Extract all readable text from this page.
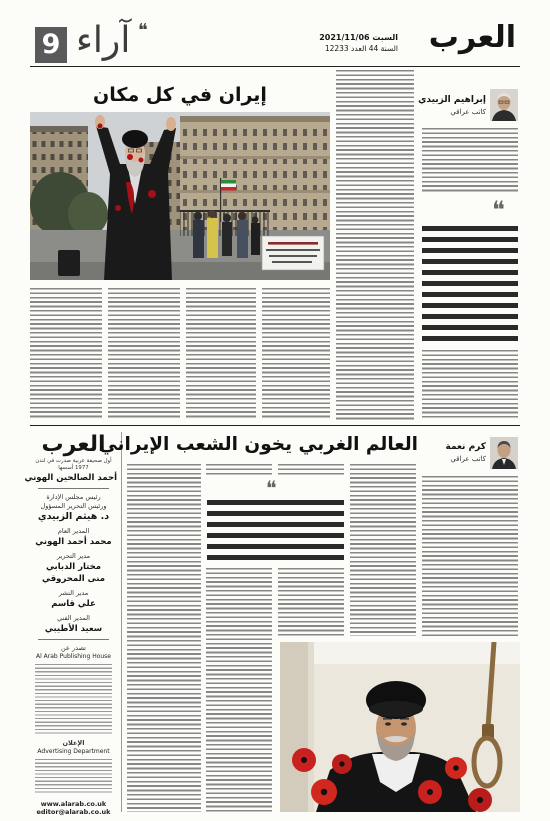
العرب
السبت 2021/11/06
السنة 44 العدد 12233
9 آراء
❝
إيران في كل مكان	إبراهيم الزبيدي
كاتب عراقي
❝
العرب
أول صحيفة عربية صدرت في لندن 1977 أسسها
أحمد الصالحين الهوني
رئيس مجلس الإدارة
ورئيس التحرير المسؤول
د. هيثم الزبيدي
المدير العام
محمد أحمد الهوني
مدير التحرير
مختار الدبابي
منى المحروقي
مدير النشر
علي قاسم
المدير الفني
سعيد الأطيبي
تصدر عن
Al Arab Publishing House
الإعلان
Advertising Department
www.alarab.co.uk
editor@alarab.co.uk
العالم الغربي يخون الشعب الإيراني	كرم نعمة
كاتب عراقي
❝
